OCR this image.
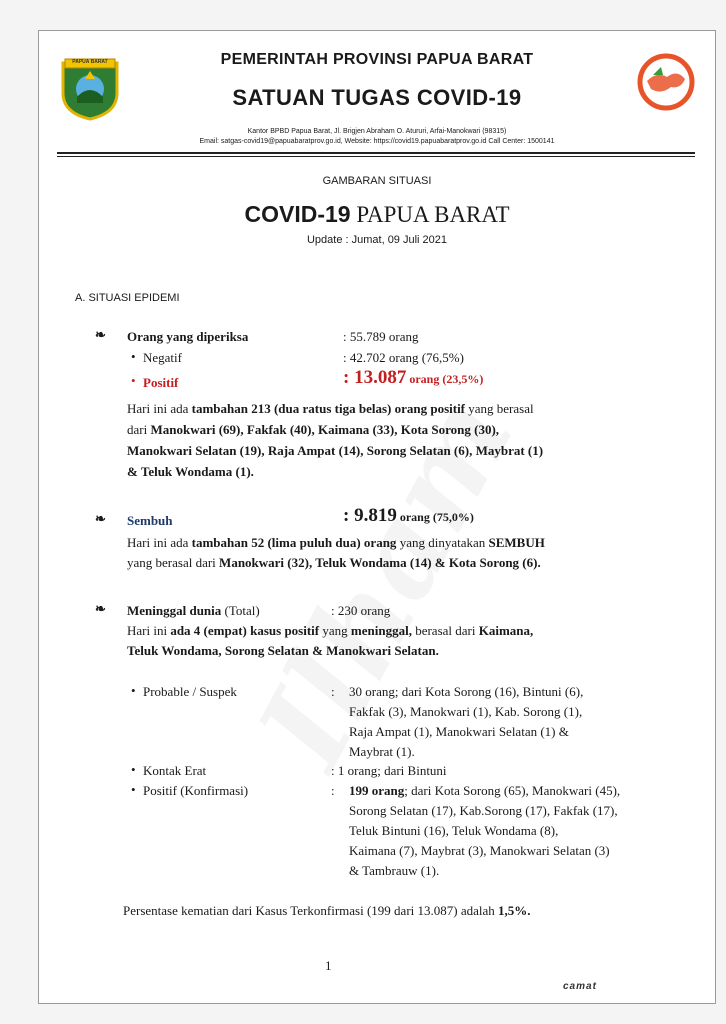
PAPUA BARAT	PEMERINTAH PROVINSI PAPUA BARAT
SATUAN TUGAS COVID-19
Kantor BPBD Papua Barat, Jl. Brigjen Abraham O. Atururi, Arfai-Manokwari (98315)
Email: satgas-covid19@papuabaratprov.go.id, Website: https://covid19.papuabaratprov.go.id Call Center: 1500141
GAMBARAN SITUASI
COVID-19 PAPUA BARAT
Update : Jumat, 09 Juli 2021
A. SITUASI EPIDEMI
❧ Orang yang diperiksa	: 55.789 orang
• Negatif	: 42.702 orang (76,5%)
• Positif	: 13.087 orang (23,5%)
Hari ini ada tambahan 213 (dua ratus tiga belas) orang positif yang berasal
dari Manokwari (69), Fakfak (40), Kaimana (33), Kota Sorong (30),
Manokwari Selatan (19), Raja Ampat (14), Sorong Selatan (6), Maybrat (1)
& Teluk Wondama (1).
❧ Sembuh	: 9.819 orang (75,0%)
Hari ini ada tambahan 52 (lima puluh dua) orang yang dinyatakan SEMBUH
yang berasal dari Manokwari (32), Teluk Wondama (14) & Kota Sorong (6).
❧ Meninggal dunia (Total)	: 230 orang
Hari ini ada 4 (empat) kasus positif yang meninggal, berasal dari Kaimana,
Teluk Wondama, Sorong Selatan & Manokwari Selatan.
• Probable / Suspek	: 30 orang; dari Kota Sorong (16), Bintuni (6),
Fakfak (3), Manokwari (1), Kab. Sorong (1),
Raja Ampat (1), Manokwari Selatan (1) &
Maybrat (1).
• Kontak Erat	: 1 orang; dari Bintuni
• Positif (Konfirmasi)	: 199 orang; dari Kota Sorong (65), Manokwari (45),
Sorong Selatan (17), Kab.Sorong (17), Fakfak (17),
Teluk Bintuni (16), Teluk Wondama (8),
Kaimana (7), Maybrat (3), Manokwari Selatan (3)
& Tambrauw (1).
Persentase kematian dari Kasus Terkonfirmasi (199 dari 13.087) adalah 1,5%.
1
camat
